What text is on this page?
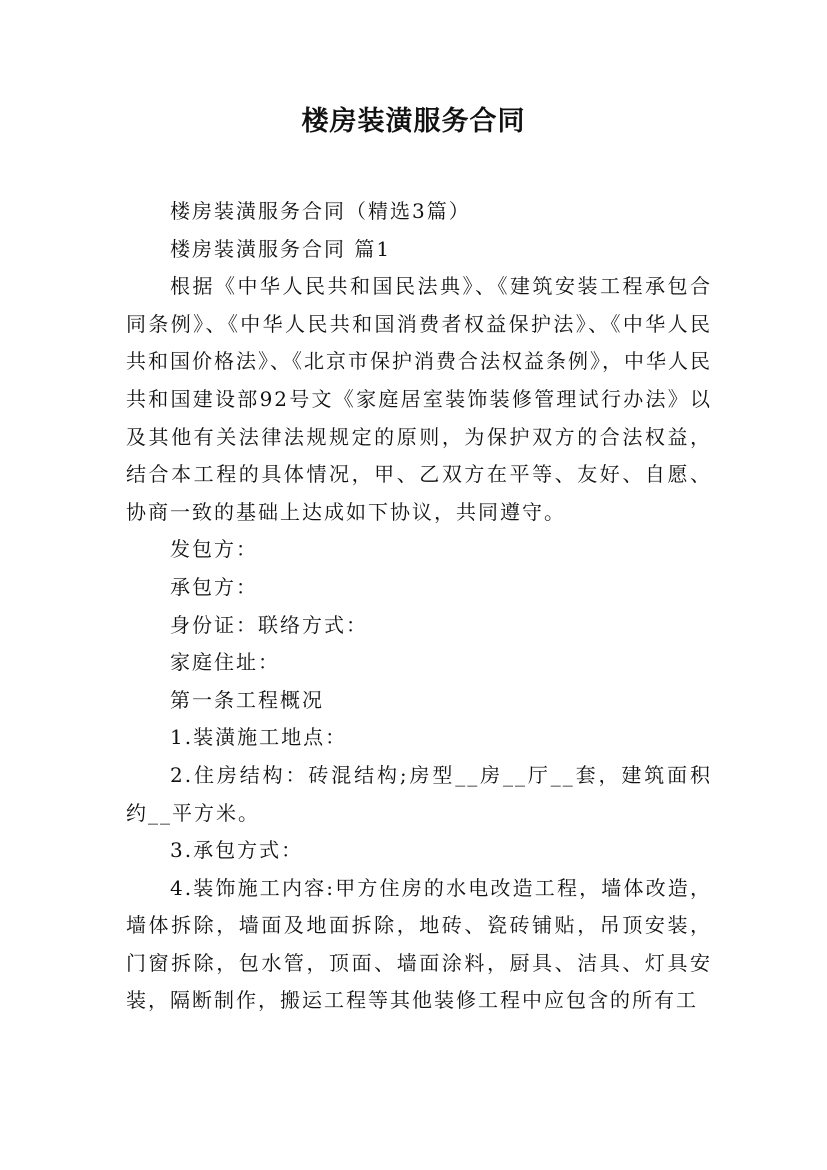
楼房装潢服务合同

楼房装潢服务合同（精选3篇）

楼房装潢服务合同 篇1

根据《中华人民共和国民法典》、《建筑安装工程承包合同条例》、《中华人民共和国消费者权益保护法》、《中华人民共和国价格法》、《北京市保护消费合法权益条例》，中华人民共和国建设部92号文《家庭居室装饰装修管理试行办法》以及其他有关法律法规规定的原则，为保护双方的合法权益，结合本工程的具体情况，甲、乙双方在平等、友好、自愿、协商一致的基础上达成如下协议，共同遵守。

发包方：

承包方：

身份证：联络方式：

家庭住址：

第一条工程概况

1.装潢施工地点：

2.住房结构：砖混结构;房型__房__厅__套，建筑面积约__平方米。

3.承包方式：

4.装饰施工内容:甲方住房的水电改造工程，墙体改造，墙体拆除，墙面及地面拆除，地砖、瓷砖铺贴，吊顶安装，门窗拆除，包水管，顶面、墙面涂料，厨具、洁具、灯具安装，隔断制作，搬运工程等其他装修工程中应包含的所有工
